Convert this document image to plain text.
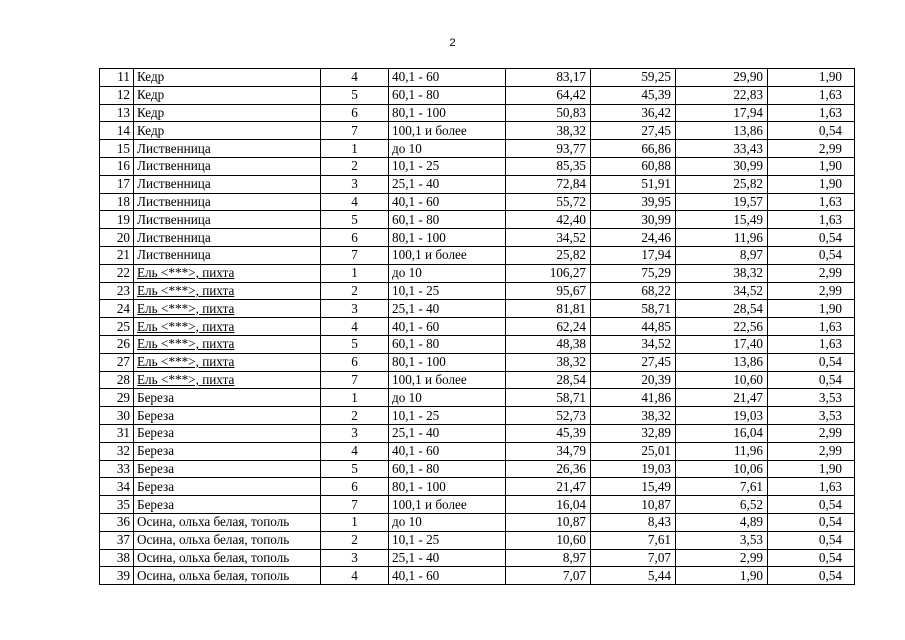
2
11	Кедр	4	40,1 - 60	83,17	59,25	29,90	1,90
12	Кедр	5	60,1 - 80	64,42	45,39	22,83	1,63
13	Кедр	6	80,1 - 100	50,83	36,42	17,94	1,63
14	Кедр	7	100,1 и более	38,32	27,45	13,86	0,54
15	Лиственница	1	до 10	93,77	66,86	33,43	2,99
16	Лиственница	2	10,1 - 25	85,35	60,88	30,99	1,90
17	Лиственница	3	25,1 - 40	72,84	51,91	25,82	1,90
18	Лиственница	4	40,1 - 60	55,72	39,95	19,57	1,63
19	Лиственница	5	60,1 - 80	42,40	30,99	15,49	1,63
20	Лиственница	6	80,1 - 100	34,52	24,46	11,96	0,54
21	Лиственница	7	100,1 и более	25,82	17,94	8,97	0,54
22	Ель <***>, пихта	1	до 10	106,27	75,29	38,32	2,99
23	Ель <***>, пихта	2	10,1 - 25	95,67	68,22	34,52	2,99
24	Ель <***>, пихта	3	25,1 - 40	81,81	58,71	28,54	1,90
25	Ель <***>, пихта	4	40,1 - 60	62,24	44,85	22,56	1,63
26	Ель <***>, пихта	5	60,1 - 80	48,38	34,52	17,40	1,63
27	Ель <***>, пихта	6	80,1 - 100	38,32	27,45	13,86	0,54
28	Ель <***>, пихта	7	100,1 и более	28,54	20,39	10,60	0,54
29	Береза	1	до 10	58,71	41,86	21,47	3,53
30	Береза	2	10,1 - 25	52,73	38,32	19,03	3,53
31	Береза	3	25,1 - 40	45,39	32,89	16,04	2,99
32	Береза	4	40,1 - 60	34,79	25,01	11,96	2,99
33	Береза	5	60,1 - 80	26,36	19,03	10,06	1,90
34	Береза	6	80,1 - 100	21,47	15,49	7,61	1,63
35	Береза	7	100,1 и более	16,04	10,87	6,52	0,54
36	Осина, ольха белая, тополь	1	до 10	10,87	8,43	4,89	0,54
37	Осина, ольха белая, тополь	2	10,1 - 25	10,60	7,61	3,53	0,54
38	Осина, ольха белая, тополь	3	25,1 - 40	8,97	7,07	2,99	0,54
39	Осина, ольха белая, тополь	4	40,1 - 60	7,07	5,44	1,90	0,54
